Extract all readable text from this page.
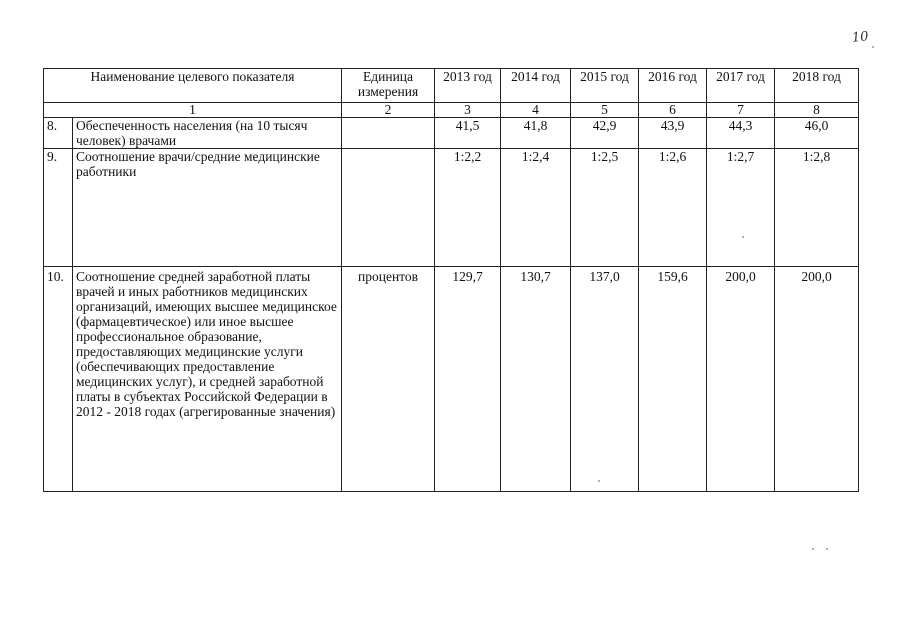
10
Наименование целевого показателя		Единица измерения	2013 год	2014 год	2015 год	2016 год	2017 год	2018 год
1		2	3	4	5	6	7	8
8.	Обеспеченность населения (на 10 тысяч человек) врачами		41,5	41,8	42,9	43,9	44,3	46,0
9.	Соотношение врачи/средние медицинские работники		1:2,2	1:2,4	1:2,5	1:2,6	1:2,7	1:2,8
10.	Соотношение средней заработной платы врачей и иных работников медицинских организаций, имеющих высшее медицинское (фармацевтическое) или иное высшее профессиональное образование, предоставляющих медицинские услуги (обеспечивающих предоставление медицинских услуг), и средней заработной платы в субъектах Российской Федерации в 2012 - 2018 годах (агрегированные значения)	процентов	129,7	130,7	137,0	159,6	200,0	200,0
